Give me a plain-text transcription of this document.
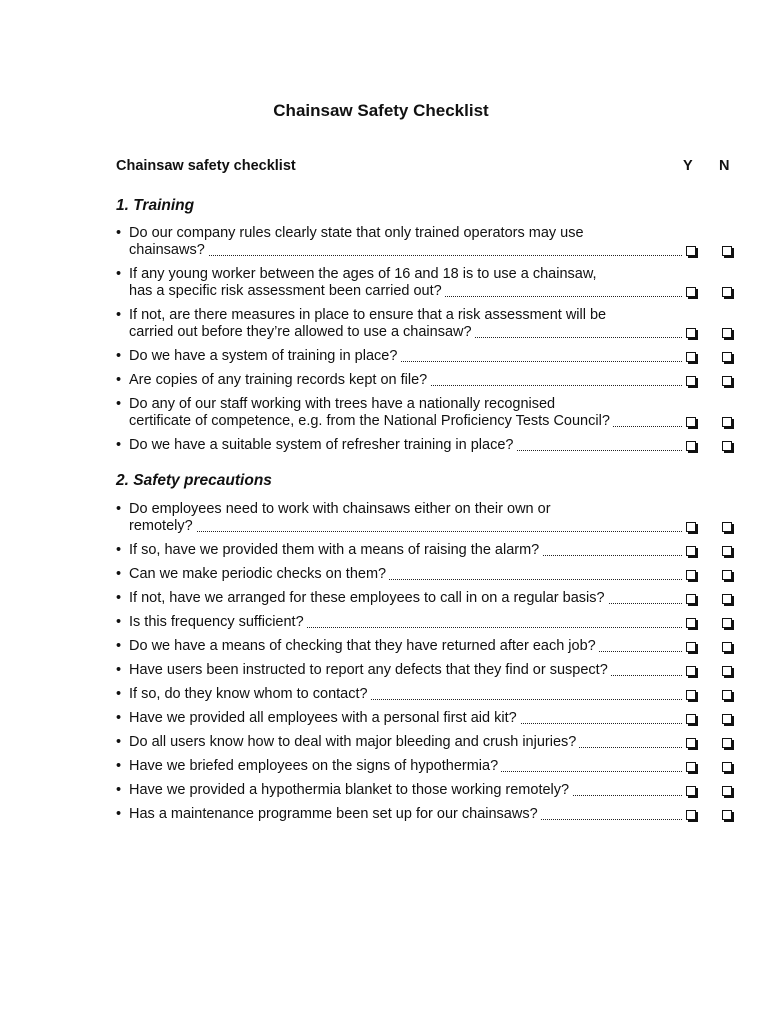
Chainsaw Safety Checklist
Chainsaw safety checklist	Y N
1. Training
• Do our company rules clearly state that only trained operators may use
chainsaws?
• If any young worker between the ages of 16 and 18 is to use a chainsaw,
has a specific risk assessment been carried out?
• If not, are there measures in place to ensure that a risk assessment will be
carried out before they’re allowed to use a chainsaw?
• Do we have a system of training in place?
• Are copies of any training records kept on file?
• Do any of our staff working with trees have a nationally recognised
certificate of competence, e.g. from the National Proficiency Tests Council?
• Do we have a suitable system of refresher training in place?
2. Safety precautions
• Do employees need to work with chainsaws either on their own or
remotely?
• If so, have we provided them with a means of raising the alarm?
• Can we make periodic checks on them?
• If not, have we arranged for these employees to call in on a regular basis?
• Is this frequency sufficient?
• Do we have a means of checking that they have returned after each job?
• Have users been instructed to report any defects that they find or suspect?
• If so, do they know whom to contact?
• Have we provided all employees with a personal first aid kit?
• Do all users know how to deal with major bleeding and crush injuries?
• Have we briefed employees on the signs of hypothermia?
• Have we provided a hypothermia blanket to those working remotely?
• Has a maintenance programme been set up for our chainsaws?
